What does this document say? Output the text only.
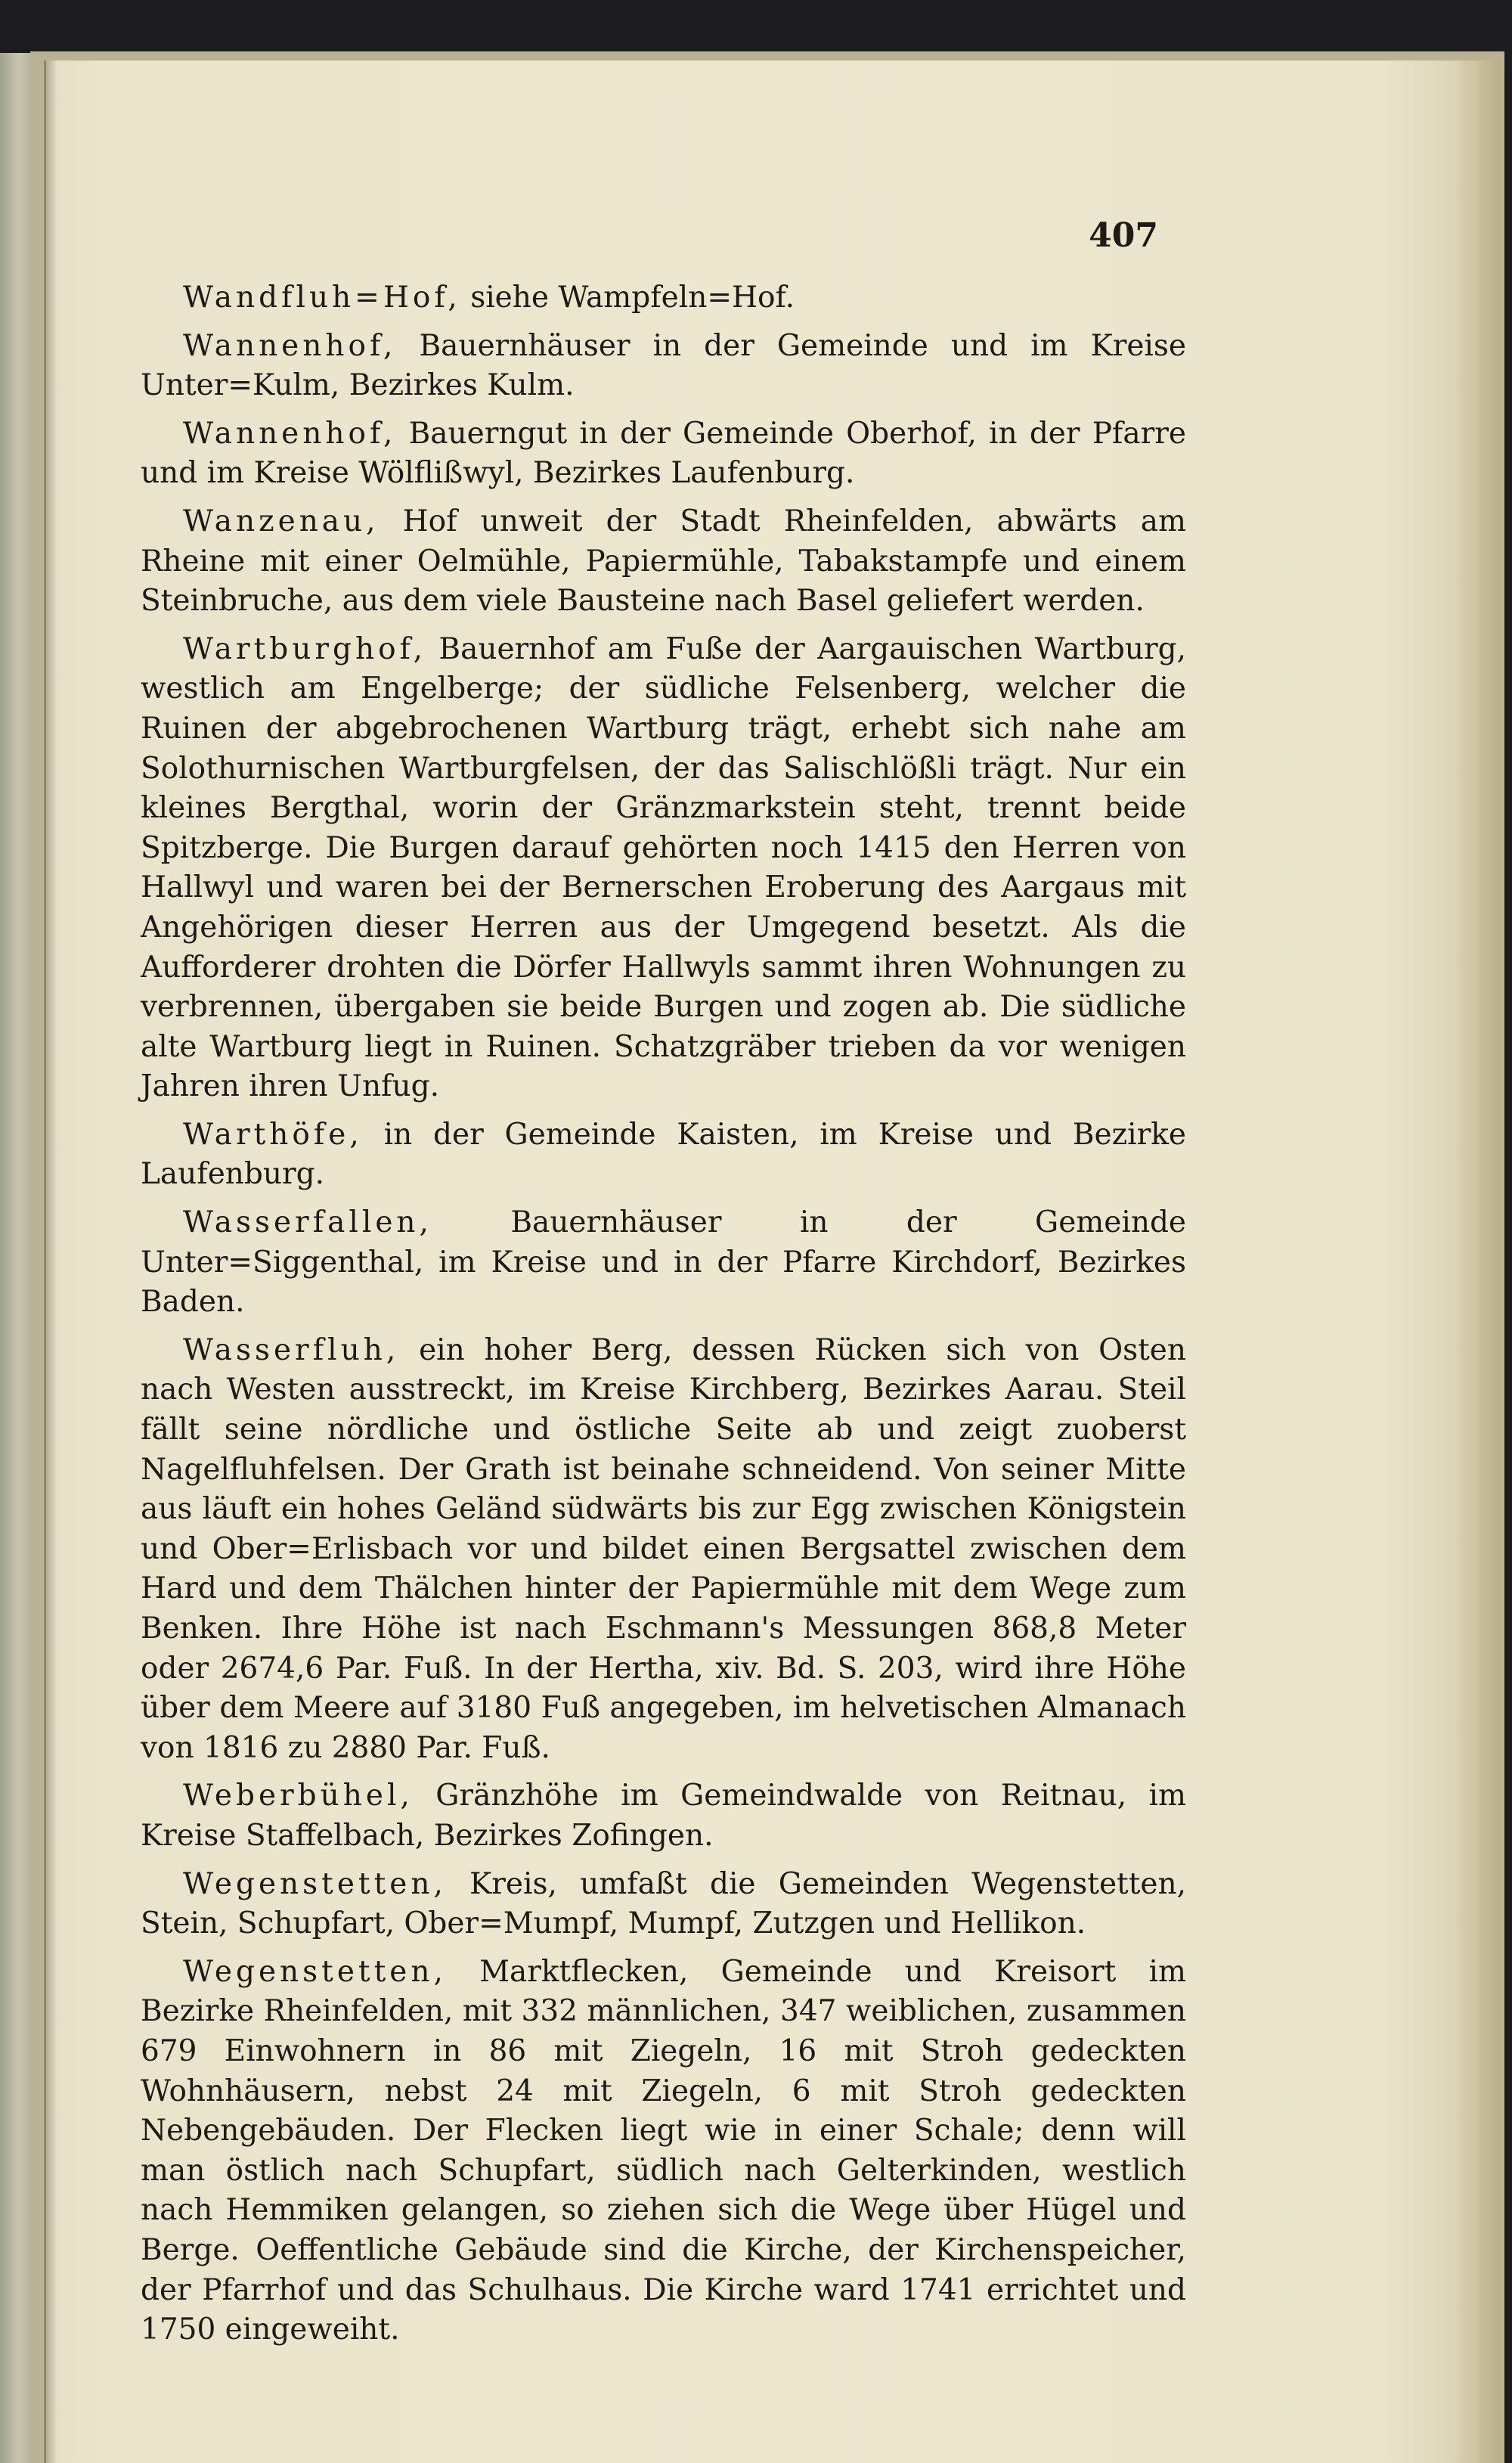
407

Wandfluh=Hof, siehe Wampfeln=Hof.

Wannenhof, Bauernhäuser in der Gemeinde und im Kreise Unter=Kulm, Bezirkes Kulm.

Wannenhof, Bauerngut in der Gemeinde Oberhof, in der Pfarre und im Kreise Wölflißwyl, Bezirkes Laufenburg.

Wanzenau, Hof unweit der Stadt Rheinfelden, abwärts am Rheine mit einer Oelmühle, Papiermühle, Tabakstampfe und einem Steinbruche, aus dem viele Bausteine nach Basel geliefert werden.

Wartburghof, Bauernhof am Fuße der Aargauischen Wartburg, westlich am Engelberge; der südliche Felsenberg, welcher die Ruinen der abgebrochenen Wartburg trägt, erhebt sich nahe am Solothurnischen Wartburgfelsen, der das Salischlößli trägt. Nur ein kleines Bergthal, worin der Gränzmarkstein steht, trennt beide Spitzberge. Die Burgen darauf gehörten noch 1415 den Herren von Hallwyl und waren bei der Bernerschen Eroberung des Aargaus mit Angehörigen dieser Herren aus der Umgegend besetzt. Als die Aufforderer drohten die Dörfer Hallwyls sammt ihren Wohnungen zu verbrennen, übergaben sie beide Burgen und zogen ab. Die südliche alte Wartburg liegt in Ruinen. Schatzgräber trieben da vor wenigen Jahren ihren Unfug.

Warthöfe, in der Gemeinde Kaisten, im Kreise und Bezirke Laufenburg.

Wasserfallen, Bauernhäuser in der Gemeinde Unter=Siggenthal, im Kreise und in der Pfarre Kirchdorf, Bezirkes Baden.

Wasserfluh, ein hoher Berg, dessen Rücken sich von Osten nach Westen ausstreckt, im Kreise Kirchberg, Bezirkes Aarau. Steil fällt seine nördliche und östliche Seite ab und zeigt zuoberst Nagelfluhfelsen. Der Grath ist beinahe schneidend. Von seiner Mitte aus läuft ein hohes Geländ südwärts bis zur Egg zwischen Königstein und Ober=Erlisbach vor und bildet einen Bergsattel zwischen dem Hard und dem Thälchen hinter der Papiermühle mit dem Wege zum Benken. Ihre Höhe ist nach Eschmann's Messungen 868,8 Meter oder 2674,6 Par. Fuß. In der Hertha, xiv. Bd. S. 203, wird ihre Höhe über dem Meere auf 3180 Fuß angegeben, im helvetischen Almanach von 1816 zu 2880 Par. Fuß.

Weberbühel, Gränzhöhe im Gemeindwalde von Reitnau, im Kreise Staffelbach, Bezirkes Zofingen.

Wegenstetten, Kreis, umfaßt die Gemeinden Wegenstetten, Stein, Schupfart, Ober=Mumpf, Mumpf, Zutzgen und Hellikon.

Wegenstetten, Marktflecken, Gemeinde und Kreisort im Bezirke Rheinfelden, mit 332 männlichen, 347 weiblichen, zusammen 679 Einwohnern in 86 mit Ziegeln, 16 mit Stroh gedeckten Wohnhäusern, nebst 24 mit Ziegeln, 6 mit Stroh gedeckten Nebengebäuden. Der Flecken liegt wie in einer Schale; denn will man östlich nach Schupfart, südlich nach Gelterkinden, westlich nach Hemmiken gelangen, so ziehen sich die Wege über Hügel und Berge. Oeffentliche Gebäude sind die Kirche, der Kirchenspeicher, der Pfarrhof und das Schulhaus. Die Kirche ward 1741 errichtet und 1750 eingeweiht.
